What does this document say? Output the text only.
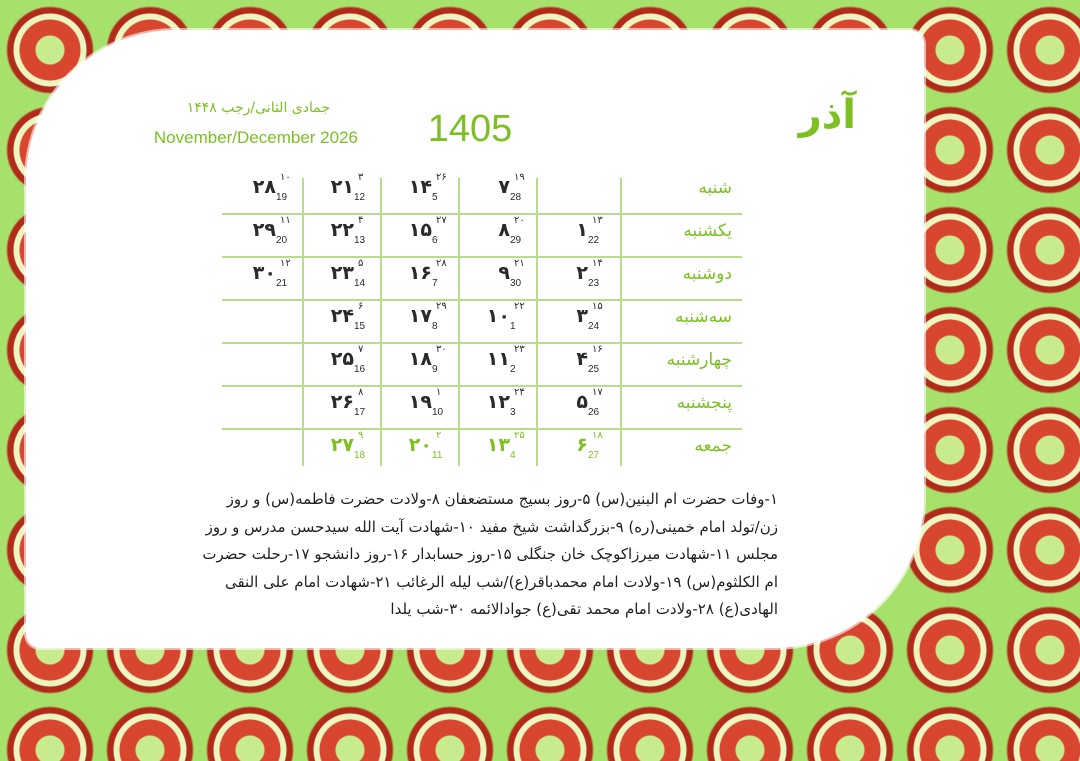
آذر
1405
جمادی الثانی/رجب ۱۴۴۸
November/December 2026
شنبه
یکشنبه
دوشنبه
سه‌شنبه
چهارشنبه
پنجشنبه
جمعه
۱ ۱۳
22
۲ ۱۴
23
۳ ۱۵
24
۴ ۱۶
25
۵ ۱۷
26
۶ ۱۸
27
۷ ۱۹
28
۸ ۲۰
29
۹ ۲۱
30
۱۰ ۲۲
1
۱۱ ۲۳
2
۱۲ ۲۴
3
۱۳ ۲۵
4
۱۴ ۲۶
5
۱۵ ۲۷
6
۱۶ ۲۸
7
۱۷ ۲۹
8
۱۸ ۳۰
9
۱۹ ۱
10
۲۰ ۲
11
۲۱ ۳
12
۲۲ ۴
13
۲۳ ۵
14
۲۴ ۶
15
۲۵ ۷
16
۲۶ ۸
17
۲۷ ۹
18
۲۸ ۱۰
19
۲۹ ۱۱
20
۳۰ ۱۲
21
۱-وفات حضرت ام البنین(س) ۵-روز بسیج مستضعفان ۸-ولادت حضرت فاطمه(س) و روز
زن/تولد امام خمینی(ره) ۹-بزرگداشت شیخ مفید ۱۰-شهادت آیت الله سیدحسن مدرس و روز
مجلس ۱۱-شهادت میرزاکوچک خان جنگلی ۱۵-روز حسابدار ۱۶-روز دانشجو ۱۷-رحلت حضرت
ام الکلثوم(س) ۱۹-ولادت امام محمدباقر(ع)/شب لیله الرغائب ۲۱-شهادت امام علی النقی
الهادی(ع) ۲۸-ولادت امام محمد تقی(ع) جوادالائمه ۳۰-شب یلدا
